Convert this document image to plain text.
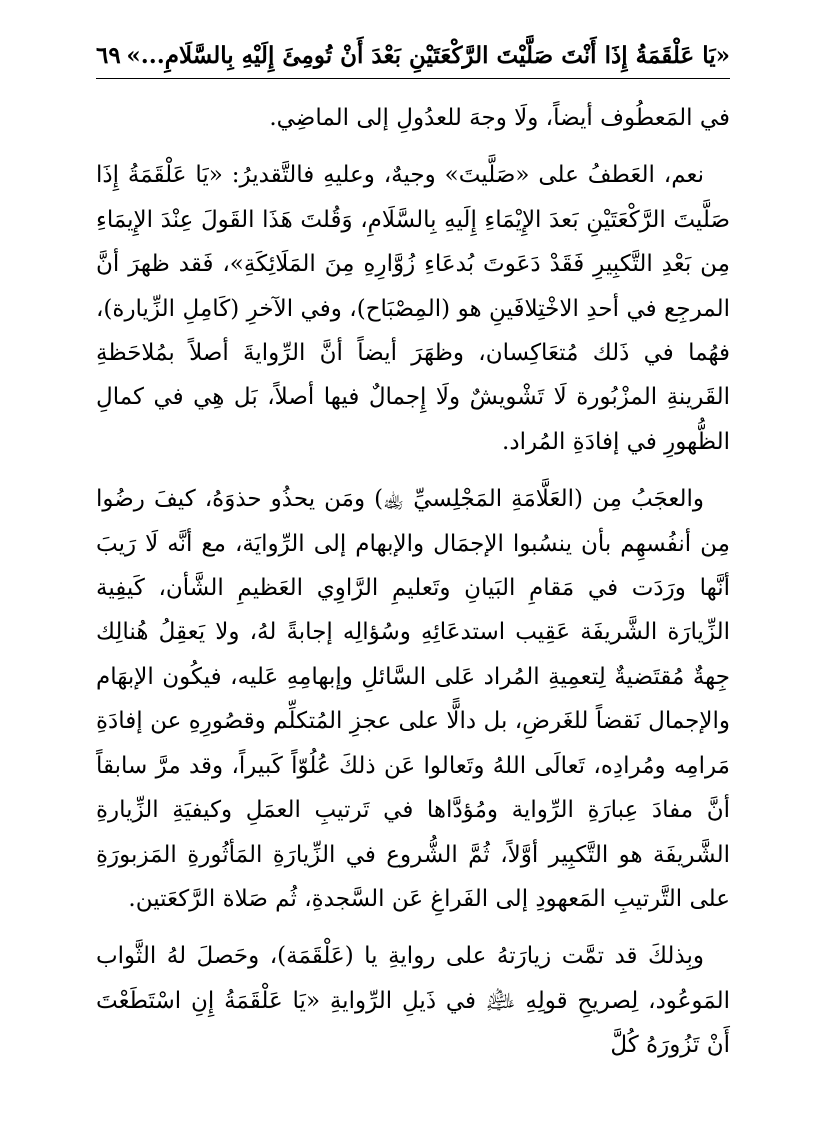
«يَا عَلْقَمَةُ إِذَا أَنْتَ صَلَّيْتَ الرَّكْعَتَيْنِ بَعْدَ أَنْ تُومِئَ إِلَيْهِ بِالسَّلَامِ...»
٦٩

في المَعطُوف أيضاً، ولَا وجهَ للعدُولِ إلى الماضِي.

نعم، العَطفُ على «صَلَّيتَ» وجيهٌ، وعليهِ فالتَّقديرُ: «يَا عَلْقَمَةُ إِذَا صَلَّيتَ الرَّكْعَتَيْنِ بَعدَ الإِيْمَاءِ إِلَيهِ بِالسَّلَامِ، وَقُلتَ هَذَا القَولَ عِنْدَ الإِيمَاءِ مِن بَعْدِ التَّكبِيرِ فَقَدْ دَعَوتَ بُدعَاءِ زُوَّارِهِ مِنَ المَلَائِكَةِ»، فَقد ظهرَ أنَّ المرجِع في أحدِ الاخْتِلافَينِ هو (المِصْبَاح)، وفي الآخرِ (كَامِلِ الزِّيارة)، فهُما في ذَلك مُتعَاكِسان، وظهَرَ أيضاً أنَّ الرِّوايةَ أصلاً بمُلاحَظةِ القَرينةِ المزْبُورة لَا تَشْويشٌ ولَا إِجمالٌ فيها أصلاً، بَل هِي في كمالِ الظُّهورِ في إفادَةِ المُراد.

والعجَبُ مِن (العَلَّامَةِ المَجْلِسيِّ ﵀) ومَن يحذُو حذوَهُ، كيفَ رضُوا مِن أنفُسهِم بأن ينسُبوا الإجمَال والإبهام إلى الرِّوايَة، مع أنَّه لَا رَيبَ أنَّها ورَدَت في مَقامِ البَيانِ وتَعليمِ الرَّاوِي العَظيمِ الشَّأن، كَيفِية الزِّيارَة الشَّريفَة عَقِيب استدعَائِهِ وسُؤالِه إجابةً لهُ، ولا يَعقِلُ هُنالِك جِهةٌ مُقتَضيةٌ لِتعمِيةِ المُراد عَلى السَّائلِ وإبهامِهِ عَليه، فيكُون الإبهَام والإجمال نَقضاً للغَرضِ، بل دالًّا على عجزِ المُتكلِّم وقصُورِهِ عن إفادَةِ مَرامِه ومُرادِه، تَعالَى اللهُ وتَعالوا عَن ذلكَ عُلُوّاً كَبيراً، وقد مرَّ سابقاً أنَّ مفادَ عِبارَةِ الرِّواية ومُؤدَّاها في تَرتيبِ العمَلِ وكيفيَةِ الزِّيارةِ الشَّريفَة هو التَّكبِير أوَّلاً، ثُمَّ الشُّروع في الزِّيارَةِ المَأثُورةِ المَزبورَةِ على التَّرتيبِ المَعهودِ إلى الفَراغِ عَن السَّجدةِ، ثُم صَلاة الرَّكعَتين.

وبِذلكَ قد تمَّت زيارَتهُ على روايةِ يا (عَلْقَمَة)، وحَصلَ لهُ الثَّواب المَوعُود، لِصريحِ قولِهِ ﵇ في ذَيلِ الرِّوايةِ «يَا عَلْقَمَةُ إِنِ اسْتَطَعْتَ أَنْ تَزُورَهُ كُلَّ
